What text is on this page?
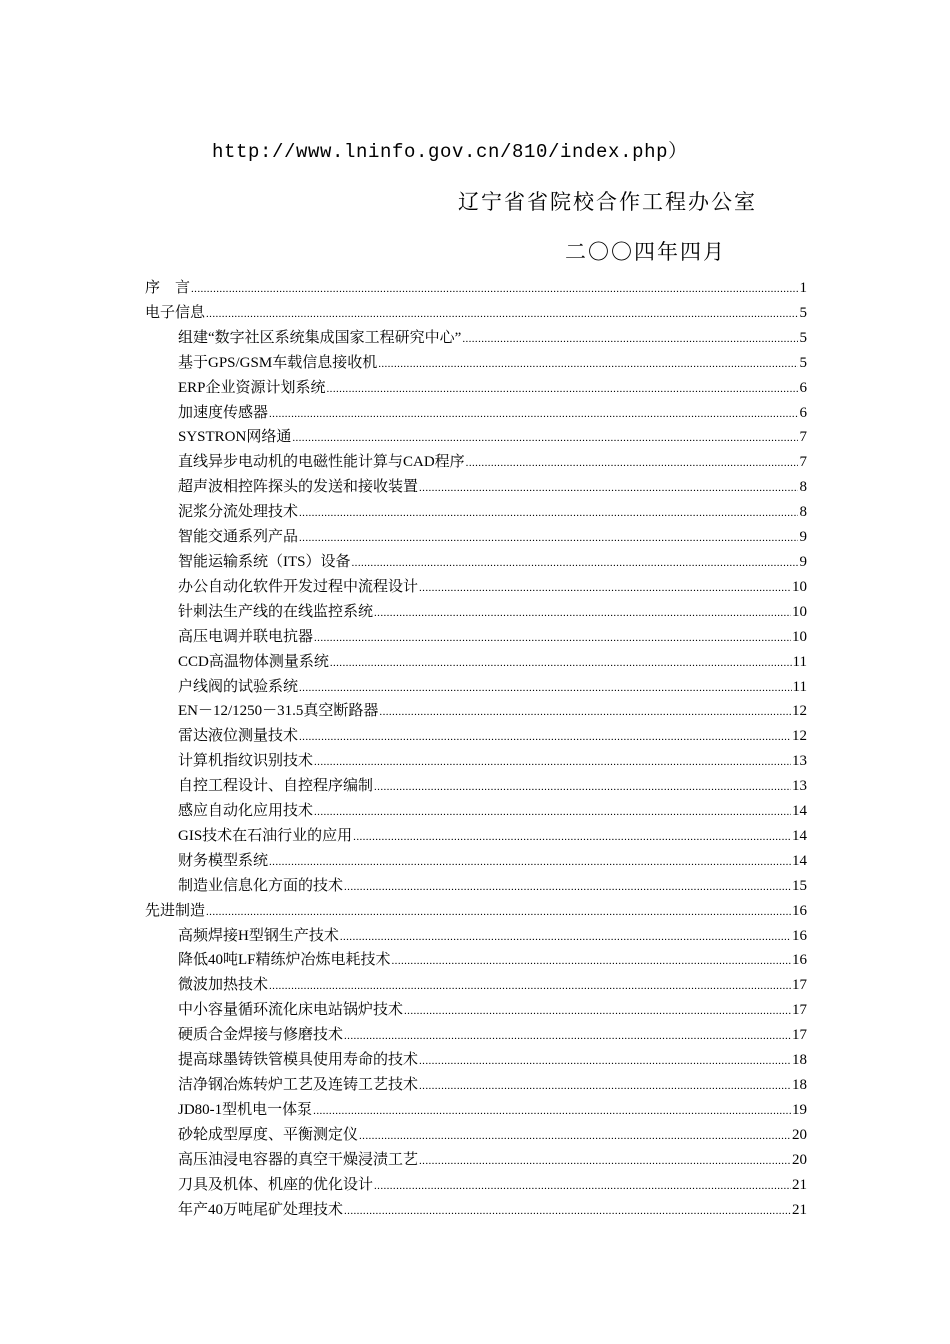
http://www.lninfo.gov.cn/810/index.php）
辽宁省省院校合作工程办公室
二〇〇四年四月
序　言 .....	1
电子信息 .....	5
组建“数字社区系统集成国家工程研究中心” .....	5
基于GPS/GSM车载信息接收机 .....	5
ERP企业资源计划系统 .....	6
加速度传感器 .....	6
SYSTRON网络通 .....	7
直线异步电动机的电磁性能计算与CAD程序 .....	7
超声波相控阵探头的发送和接收装置 .....	8
泥浆分流处理技术 .....	8
智能交通系列产品 .....	9
智能运输系统（ITS）设备 .....	9
办公自动化软件开发过程中流程设计 .....	10
针刺法生产线的在线监控系统 .....	10
高压电调并联电抗器 .....	10
CCD高温物体测量系统 .....	11
户线阀的试验系统 .....	11
EN－12/1250－31.5真空断路器 .....	12
雷达液位测量技术 .....	12
计算机指纹识别技术 .....	13
自控工程设计、自控程序编制 .....	13
感应自动化应用技术 .....	14
GIS技术在石油行业的应用 .....	14
财务模型系统 .....	14
制造业信息化方面的技术 .....	15
先进制造 .....	16
高频焊接H型钢生产技术 .....	16
降低40吨LF精练炉冶炼电耗技术 .....	16
微波加热技术 .....	17
中小容量循环流化床电站锅炉技术 .....	17
硬质合金焊接与修磨技术 .....	17
提高球墨铸铁管模具使用寿命的技术 .....	18
洁净钢冶炼转炉工艺及连铸工艺技术 .....	18
JD80-1型机电一体泵 .....	19
砂轮成型厚度、平衡测定仪 .....	20
高压油浸电容器的真空干燥浸渍工艺 .....	20
刀具及机体、机座的优化设计 .....	21
年产40万吨尾矿处理技术 .....	21
